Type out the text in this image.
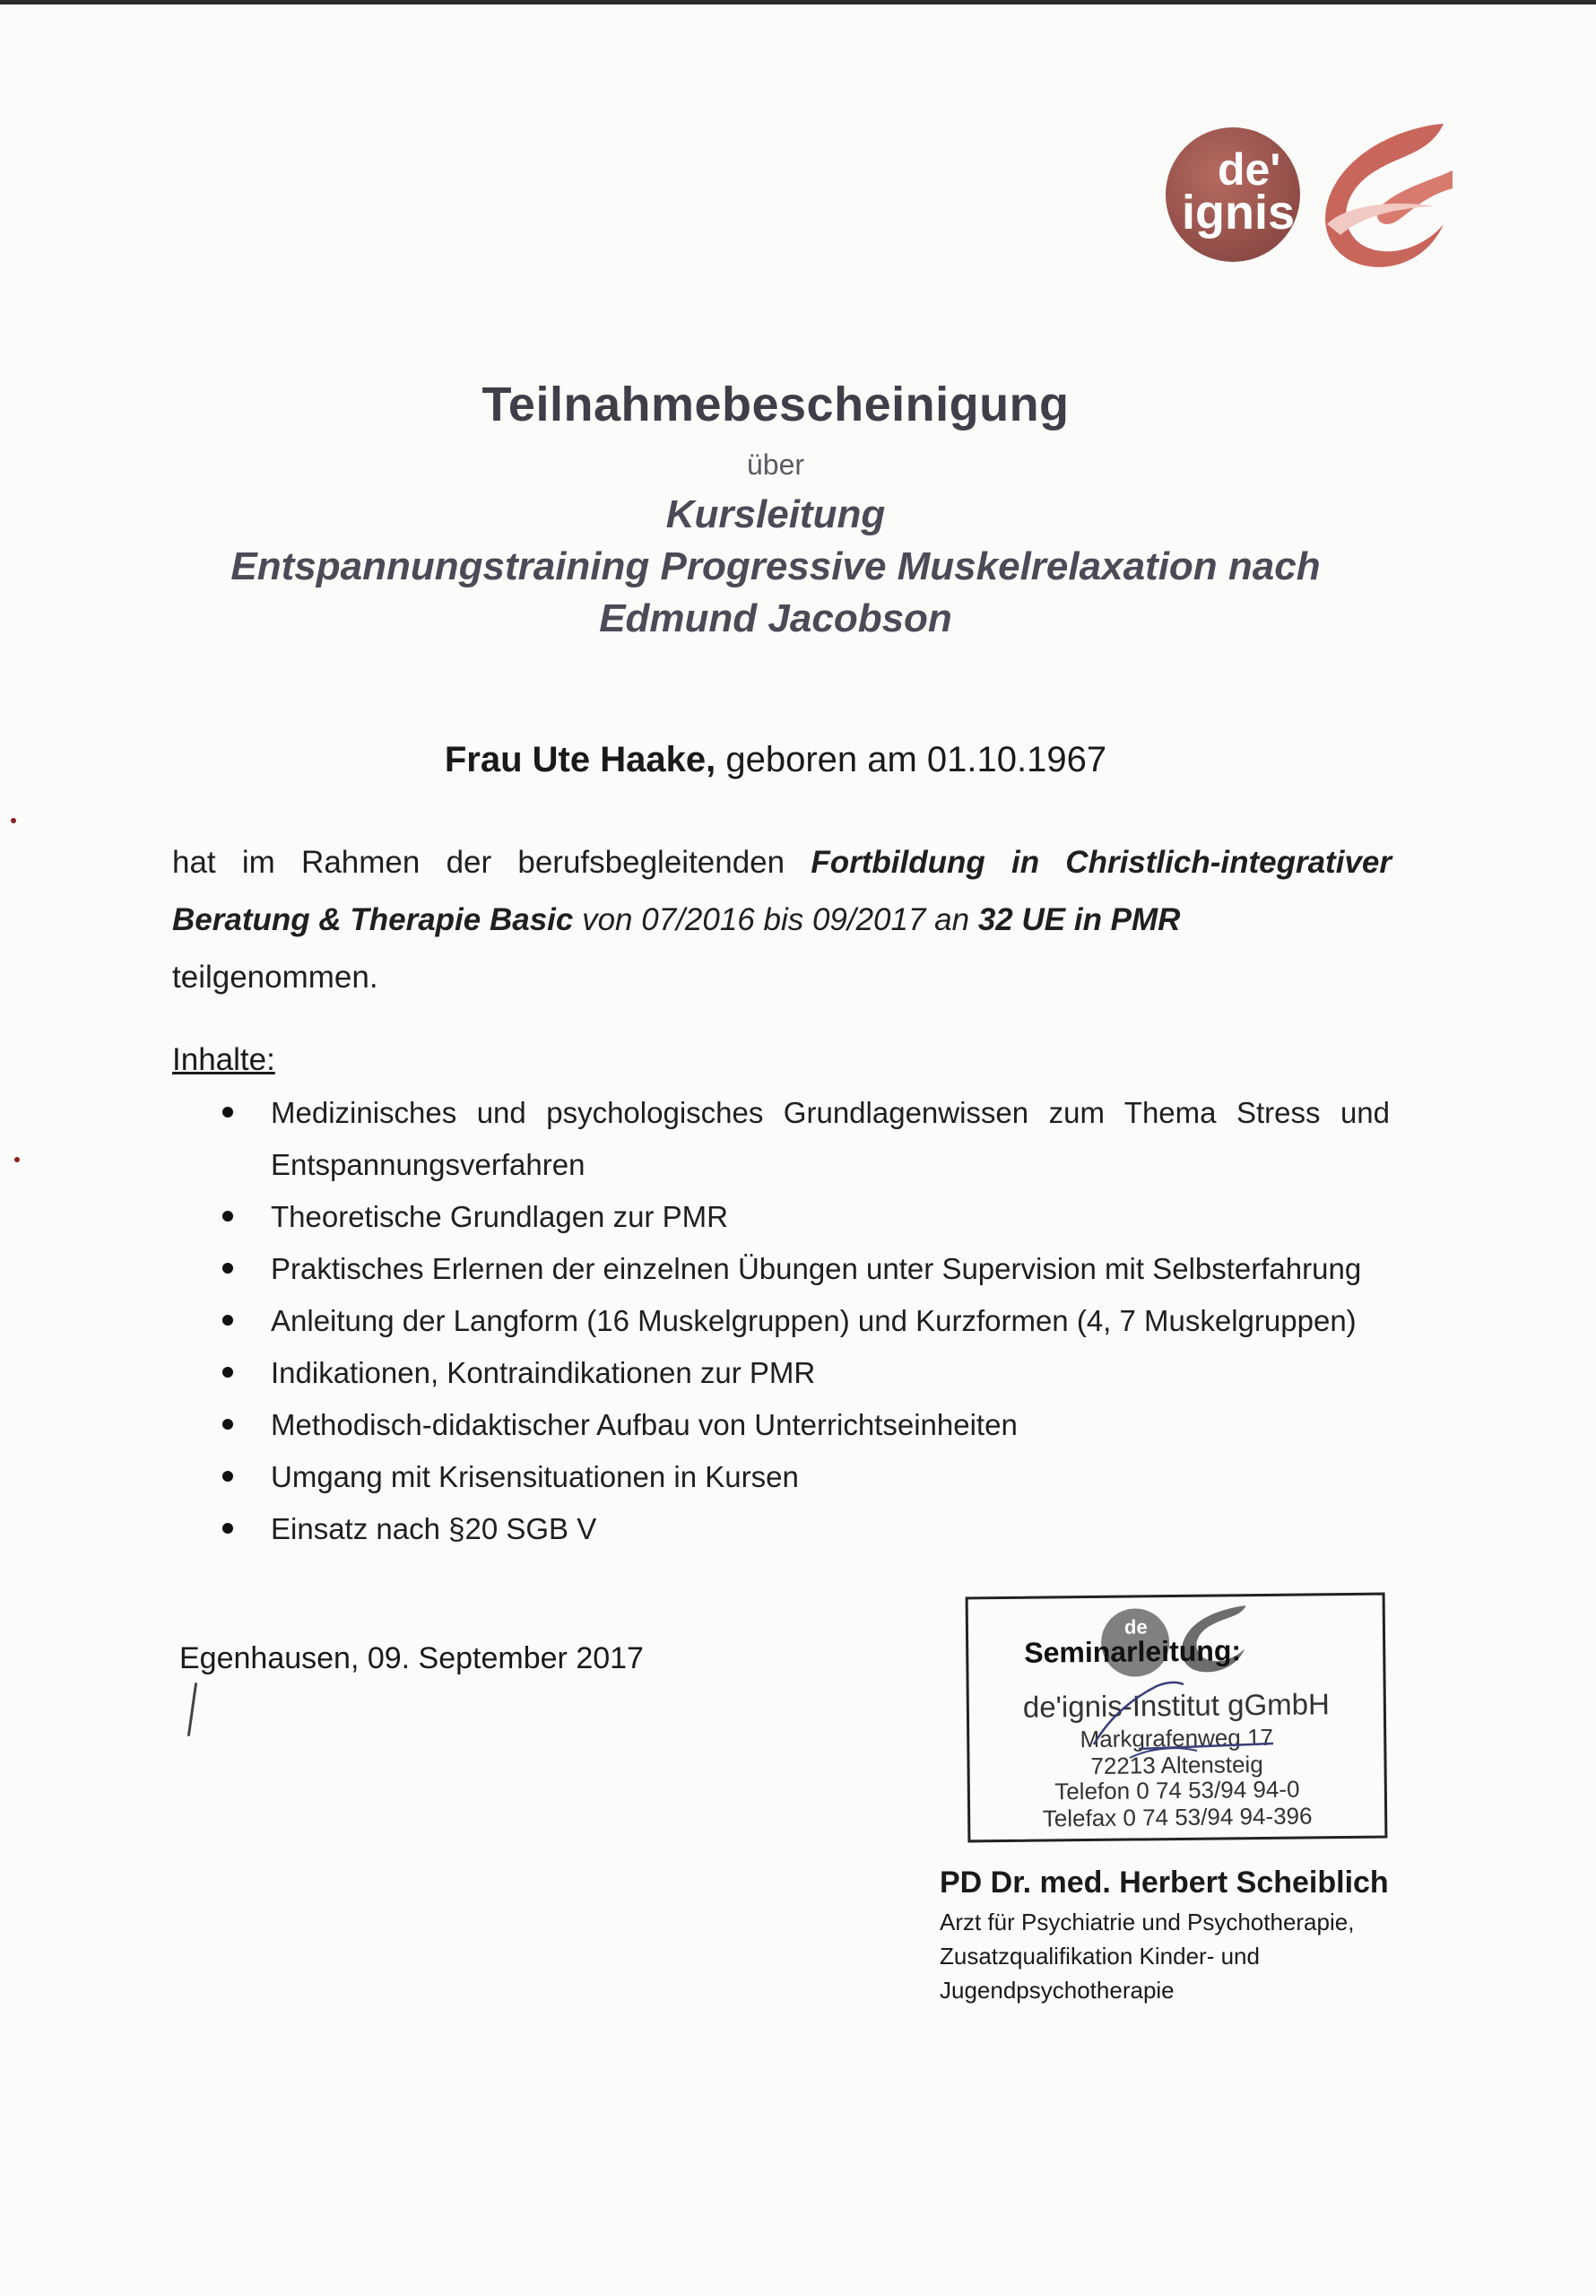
de'
ignis
Teilnahmebescheinigung
über
Kursleitung
Entspannungstraining Progressive Muskelrelaxation nach
Edmund Jacobson
Frau Ute Haake, geboren am 01.10.1967
hat im Rahmen der berufsbegleitenden Fortbildung in Christlich-integrativer Beratung & Therapie Basic von 07/2016 bis 09/2017 an 32 UE in PMR
teilgenommen.
Inhalte:
Medizinisches und psychologisches Grundlagenwissen zum Thema Stress und Entspannungsverfahren
Theoretische Grundlagen zur PMR
Praktisches Erlernen der einzelnen Übungen unter Supervision mit Selbsterfahrung
Anleitung der Langform (16 Muskelgruppen) und Kurzformen (4, 7 Muskelgruppen)
Indikationen, Kontraindikationen zur PMR
Methodisch-didaktischer Aufbau von Unterrichtseinheiten
Umgang mit Krisensituationen in Kursen
Einsatz nach §20 SGB V
Egenhausen, 09. September 2017
de
Seminarleitung:
de'ignis-Institut gGmbH
Markgrafenweg 17
72213 Altensteig
Telefon 0 74 53/94 94-0
Telefax 0 74 53/94 94-396
PD Dr. med. Herbert Scheiblich
Arzt für Psychiatrie und Psychotherapie,
Zusatzqualifikation Kinder- und
Jugendpsychotherapie
